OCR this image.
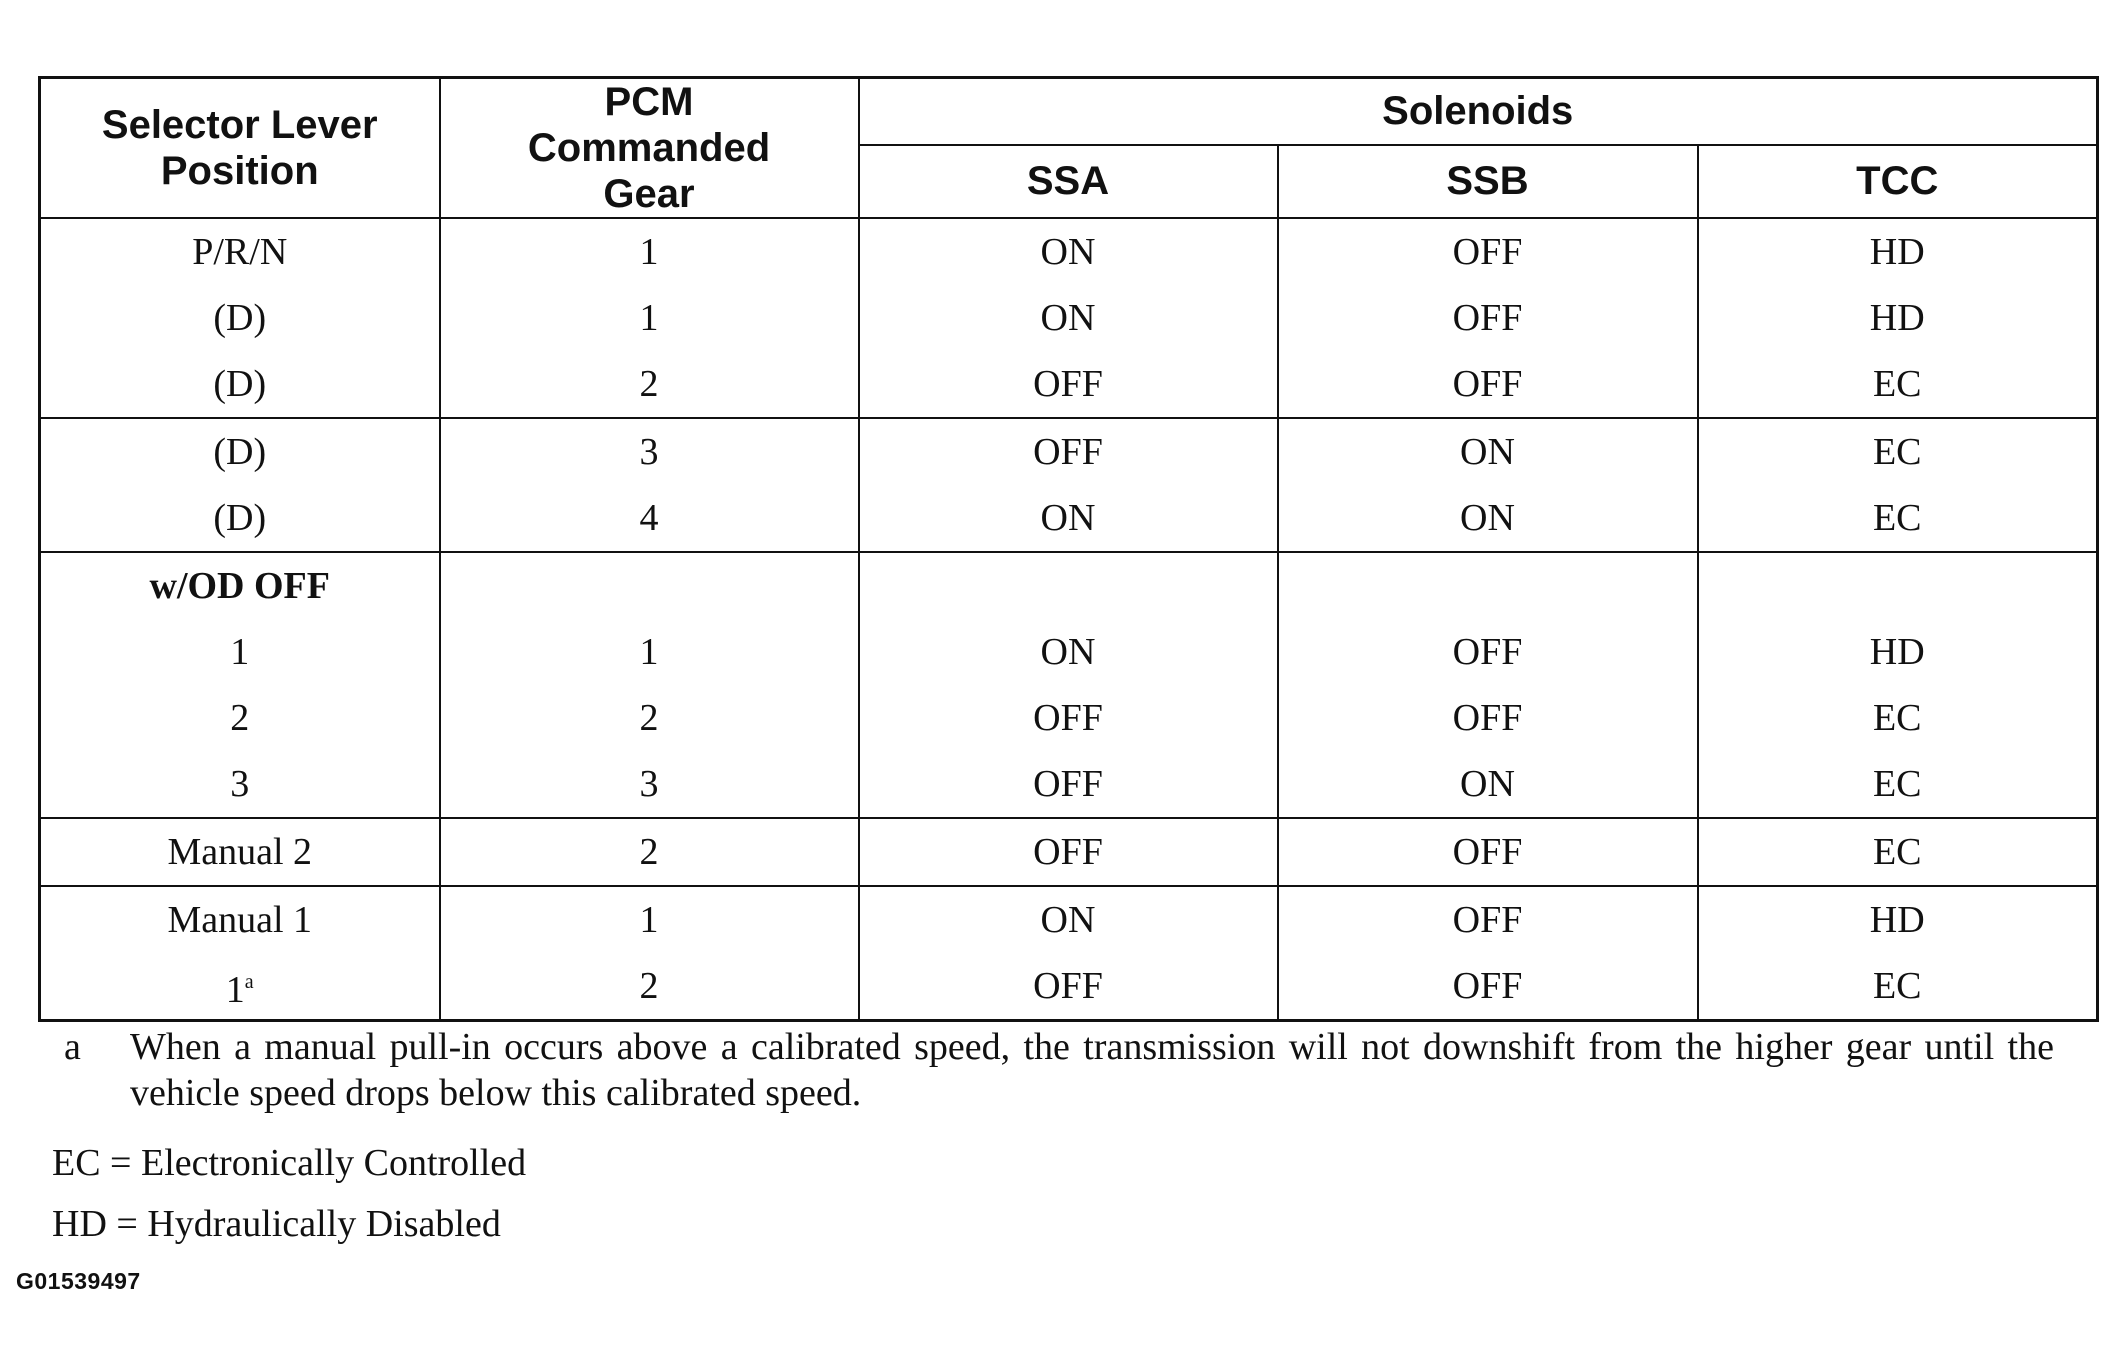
Selector Lever Position	PCM Commanded Gear	Solenoids		
		SSA	SSB	TCC
P/R/N	1	ON	OFF	HD
(D)	1	ON	OFF	HD
(D)	2	OFF	OFF	EC
(D)	3	OFF	ON	EC
(D)	4	ON	ON	EC
w/OD OFF				
1	1	ON	OFF	HD
2	2	OFF	OFF	EC
3	3	OFF	ON	EC
Manual 2	2	OFF	OFF	EC
Manual 1	1	ON	OFF	HD
1$^a$	2	OFF	OFF	EC
a	When a manual pull-in occurs above a calibrated speed, the transmission will not downshift from the higher gear until the vehicle speed drops below this calibrated speed.
EC = Electronically Controlled
HD = Hydraulically Disabled
G01539497
